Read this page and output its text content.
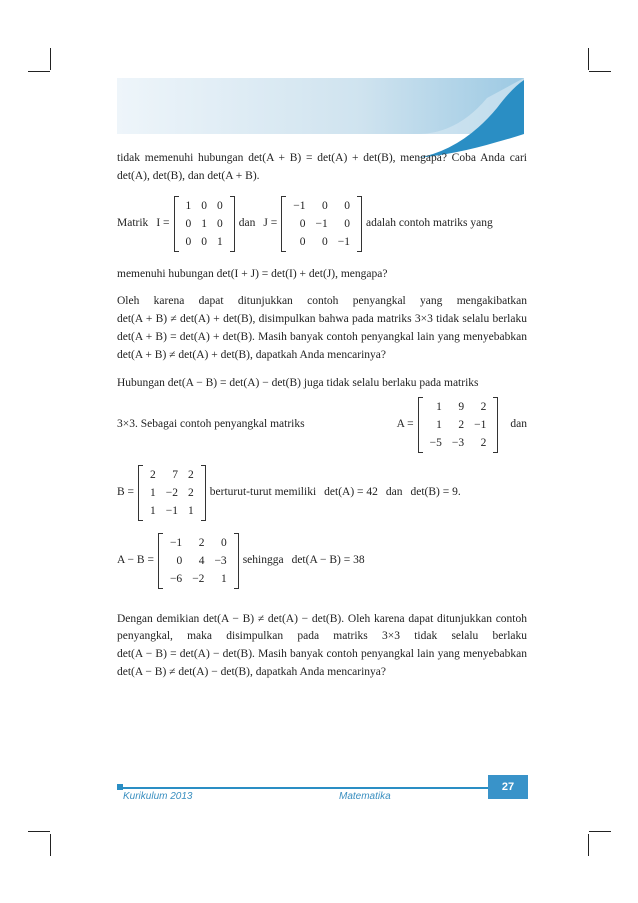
tidak memenuhi hubungan det(A + B) = det(A) + det(B), mengapa? Coba Anda cari det(A), det(B), dan det(A + B).

Matrik I =
1	0	0
0	1	0
0	0	1
dan J =
−1	0	0
0	−1	0
0	0	−1
adalah contoh matriks yang

memenuhi hubungan det(I + J) = det(I) + det(J), mengapa?

Oleh karena dapat ditunjukkan contoh penyangkal yang mengakibatkan det(A + B) ≠ det(A) + det(B), disimpulkan bahwa pada matriks 3×3 tidak selalu berlaku det(A + B) = det(A) + det(B). Masih banyak contoh penyangkal lain yang menyebabkan det(A + B) ≠ det(A) + det(B), dapatkah Anda mencarinya?

Hubungan det(A − B) = det(A) − det(B) juga tidak selalu berlaku pada matriks

3×3. Sebagai contoh penyangkal matriks	A =
1	9	2
1	2	−1
−5	−3	2
dan
B =
2	7	2
1	−2	2
1	−1	1
berturut-turut memiliki det(A) = 42 dan det(B) = 9 .
A − B =
−1	2	0
0	4	−3
−6	−2	1
sehingga det(A − B) = 38

Dengan demikian det(A − B) ≠ det(A) − det(B). Oleh karena dapat ditunjukkan contoh penyangkal, maka disimpulkan pada matriks 3×3 tidak selalu berlaku det(A − B) = det(A) − det(B). Masih banyak contoh penyangkal lain yang menyebabkan det(A − B) ≠ det(A) − det(B), dapatkah Anda mencarinya?

Kurikulum 2013	Matematika
27
